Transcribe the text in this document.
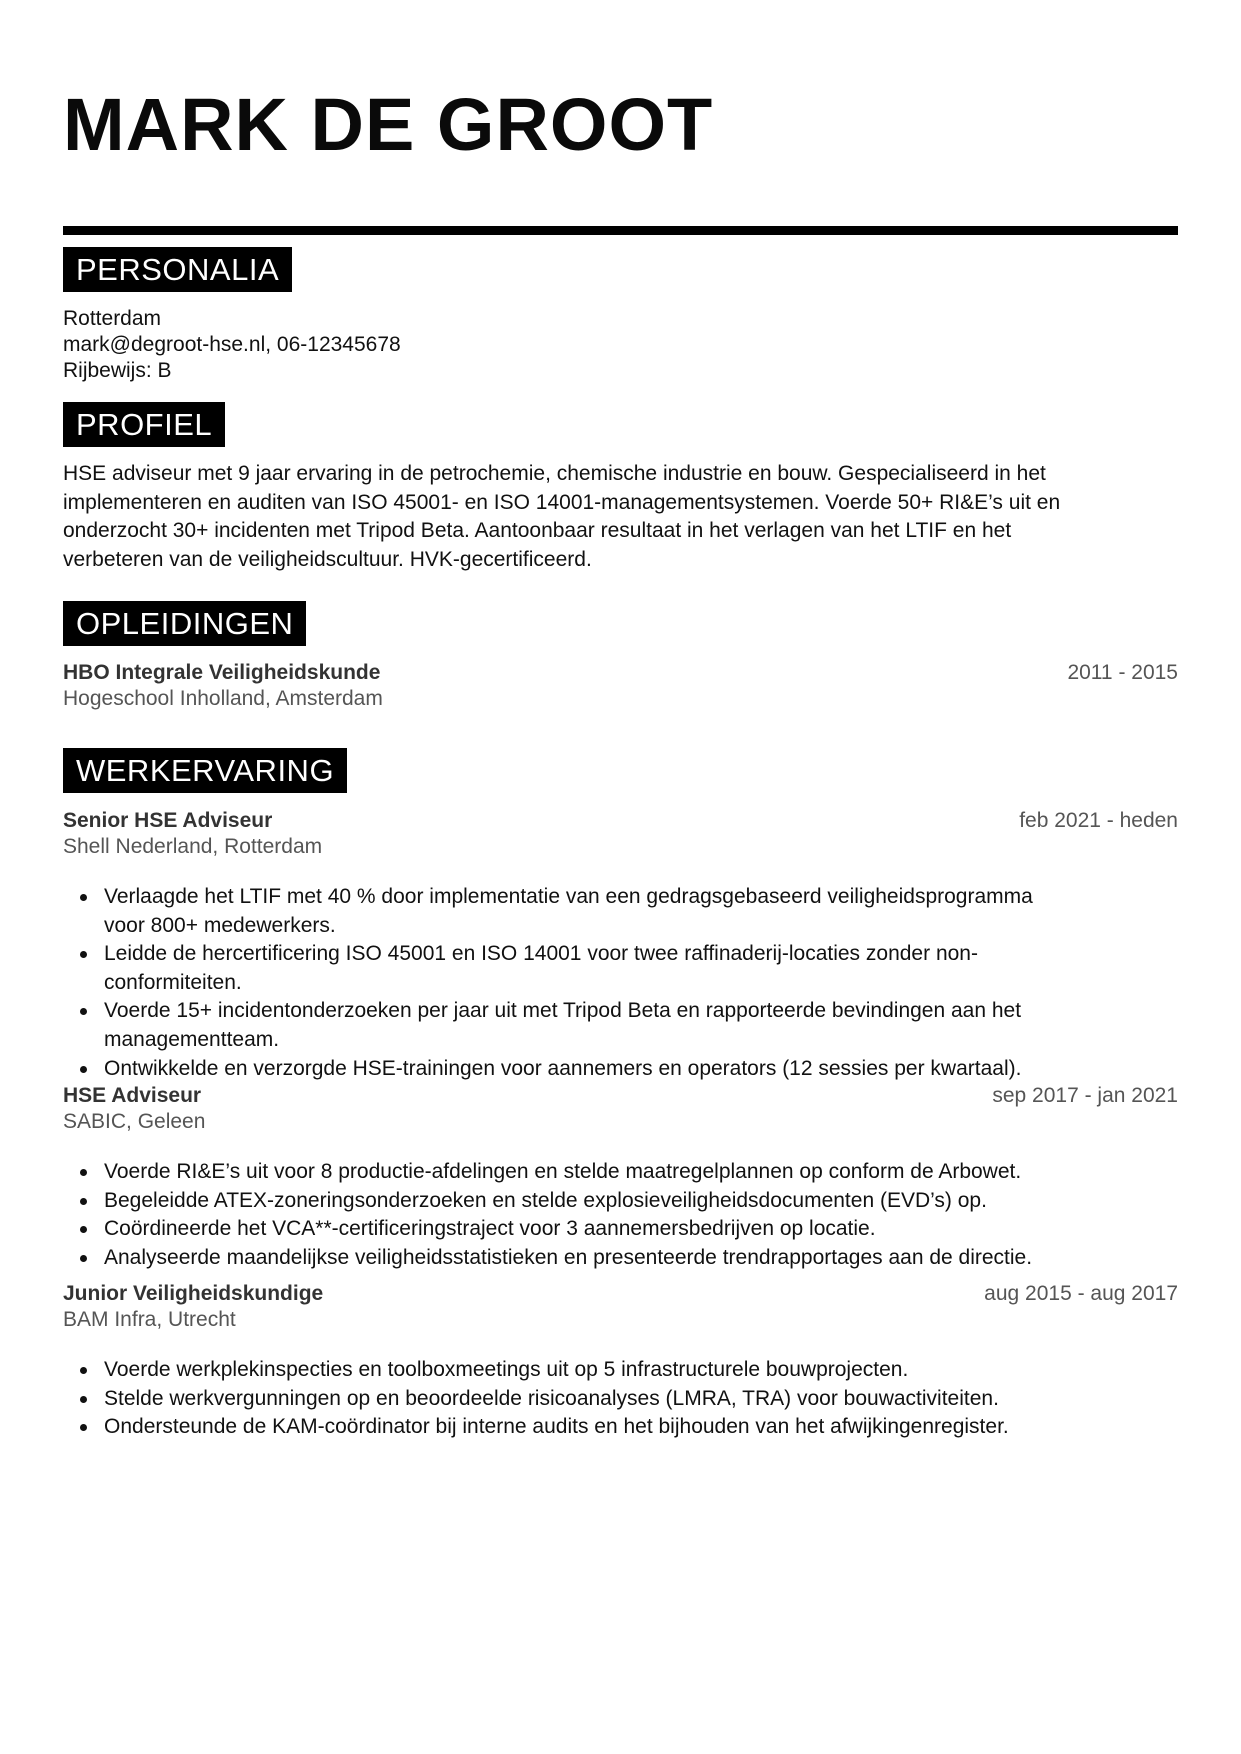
MARK DE GROOT
PERSONALIA
Rotterdam
mark@degroot-hse.nl, 06-12345678
Rijbewijs: B
PROFIEL
HSE adviseur met 9 jaar ervaring in de petrochemie, chemische industrie en bouw. Gespecialiseerd in het
implementeren en auditen van ISO 45001- en ISO 14001-managementsystemen. Voerde 50+ RI&E’s uit en
onderzocht 30+ incidenten met Tripod Beta. Aantoonbaar resultaat in het verlagen van het LTIF en het
verbeteren van de veiligheidscultuur. HVK-gecertificeerd.
OPLEIDINGEN
HBO Integrale Veiligheidskunde	2011 - 2015
Hogeschool Inholland, Amsterdam
WERKERVARING
Senior HSE Adviseur	feb 2021 - heden
Shell Nederland, Rotterdam
Verlaagde het LTIF met 40 % door implementatie van een gedragsgebaseerd veiligheidsprogramma
voor 800+ medewerkers.
Leidde de hercertificering ISO 45001 en ISO 14001 voor twee raffinaderij-locaties zonder non-
conformiteiten.
Voerde 15+ incidentonderzoeken per jaar uit met Tripod Beta en rapporteerde bevindingen aan het
managementteam.
Ontwikkelde en verzorgde HSE-trainingen voor aannemers en operators (12 sessies per kwartaal).
HSE Adviseur	sep 2017 - jan 2021
SABIC, Geleen
Voerde RI&E’s uit voor 8 productie-afdelingen en stelde maatregelplannen op conform de Arbowet.
Begeleidde ATEX-zoneringsonderzoeken en stelde explosieveiligheidsdocumenten (EVD’s) op.
Coördineerde het VCA**-certificeringstraject voor 3 aannemersbedrijven op locatie.
Analyseerde maandelijkse veiligheidsstatistieken en presenteerde trendrapportages aan de directie.
Junior Veiligheidskundige	aug 2015 - aug 2017
BAM Infra, Utrecht
Voerde werkplekinspecties en toolboxmeetings uit op 5 infrastructurele bouwprojecten.
Stelde werkvergunningen op en beoordeelde risicoanalyses (LMRA, TRA) voor bouwactiviteiten.
Ondersteunde de KAM-coördinator bij interne audits en het bijhouden van het afwijkingenregister.
